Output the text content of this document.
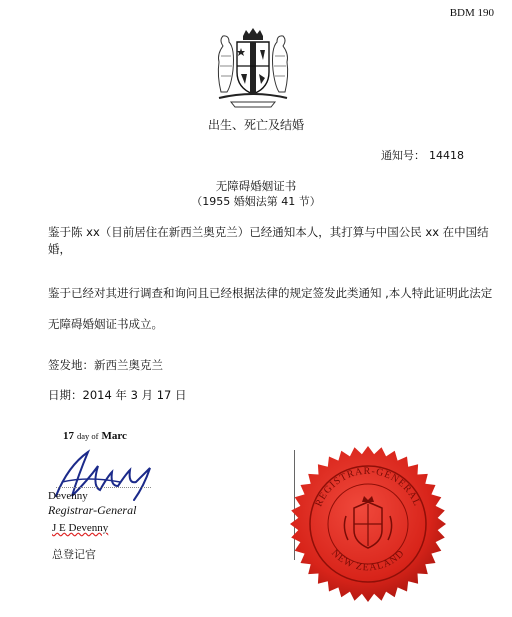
BDM 190
出生、死亡及结婚
通知号： 14418
无障碍婚姻证书
（1955 婚姻法第 41 节）
鉴于陈 xx（目前居住在新西兰奥克兰）已经通知本人，其打算与中国公民 xx 在中国结婚，
鉴于已经对其进行调查和询问且已经根据法律的规定签发此类通知 ,本人特此证明此法定无障碍婚姻证书成立。
签发地：新西兰奥克兰
日期：2014 年 3 月 17 日
17 day of Marc
Devenny
Registrar-General
J E Devenny
总登记官
REGISTRAR-GENERAL
NEW ZEALAND
